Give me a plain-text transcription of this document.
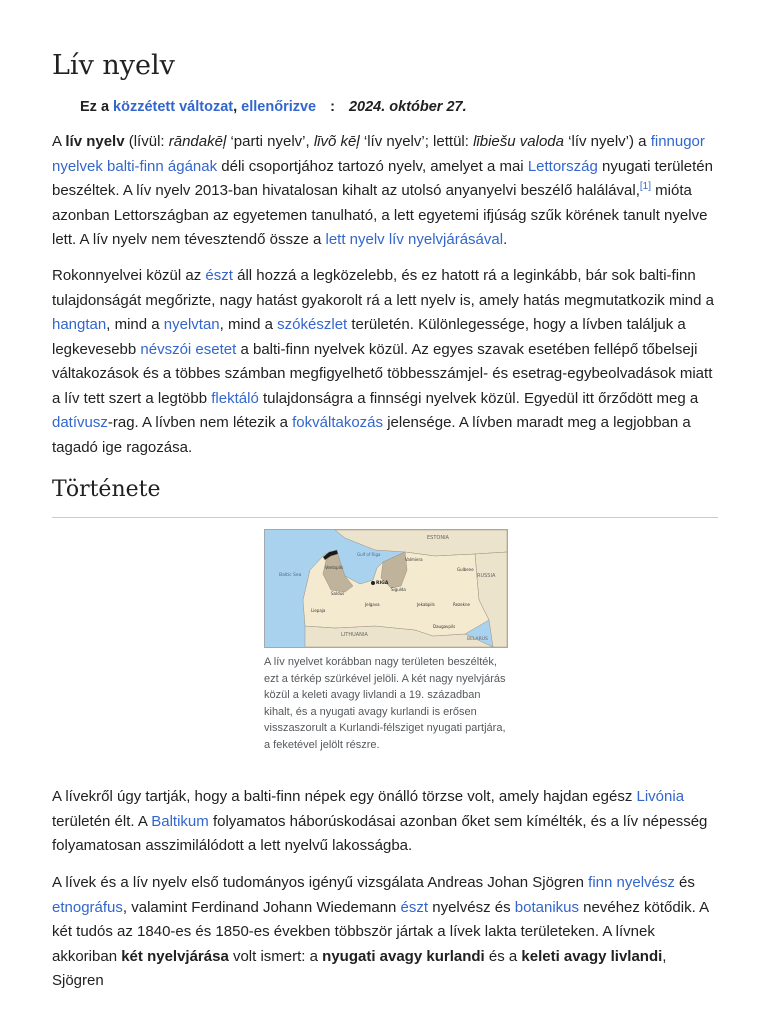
Lív nyelv
Ez a közzétett változat, ellenőrizve : 2024. október 27.

A lív nyelv (lívül: rāndakēļ ‘parti nyelv’, līvõ kēļ ‘lív nyelv’; lettül: lībiešu valoda ‘lív nyelv’) a finnugor nyelvek balti-finn ágának déli csoportjához tartozó nyelv, amelyet a mai Lettország nyugati területén beszéltek. A lív nyelv 2013-ban hivatalosan kihalt az utolsó anyanyelvi beszélő halálával,[1] mióta azonban Lettországban az egyetemen tanulható, a lett egyetemi ifjúság szűk körének tanult nyelve lett. A lív nyelv nem tévesztendő össze a lett nyelv lív nyelvjárásával.

Rokonnyelvei közül az észt áll hozzá a legközelebb, és ez hatott rá a leginkább, bár sok balti-finn tulajdonságát megőrizte, nagy hatást gyakorolt rá a lett nyelv is, amely hatás megmutatkozik mind a hangtan, mind a nyelvtan, mind a szókészlet területén. Különlegessége, hogy a lívben találjuk a legkevesebb névszói esetet a balti-finn nyelvek közül. Az egyes szavak esetében fellépő tőbelseji váltakozások és a többes számban megfigyelhető többesszámjel- és esetrag-egybeolvadások miatt a lív tett szert a legtöbb flektáló tulajdonságra a finnségi nyelvek közül. Egyedül itt őrződött meg a datívusz-rag. A lívben nem létezik a fokváltakozás jelensége. A lívben maradt meg a legjobban a tagadó ige ragozása.

Története
ESTONIA
RUSSIA
LITHUANIA
BELARUS
Baltic Sea
Gulf of Riga
RIGA
Valmiera
Ventspils
Liepaja
Jelgava	Jekabpils	Rezekne
Daugavpils
Gulbene
Saldus
Sigulda
A lív nyelvet korábban nagy területen beszélték, ezt a térkép szürkével jelöli. A két nagy nyelvjárás közül a keleti avagy livlandi a 19. században kihalt, és a nyugati avagy kurlandi is erősen visszaszorult a Kurlandi-félsziget nyugati partjára, a feketével jelölt részre.

A lívekről úgy tartják, hogy a balti-finn népek egy önálló törzse volt, amely hajdan egész Livónia területén élt. A Baltikum folyamatos háborúskodásai azonban őket sem kímélték, és a lív népesség folyamatosan asszimilálódott a lett nyelvű lakosságba.

A lívek és a lív nyelv első tudományos igényű vizsgálata Andreas Johan Sjögren finn nyelvész és etnográfus, valamint Ferdinand Johann Wiedemann észt nyelvész és botanikus nevéhez kötődik. A két tudós az 1840-es és 1850-es években többször jártak a lívek lakta területeken. A lívnek akkoriban két nyelvjárása volt ismert: a nyugati avagy kurlandi és a keleti avagy livlandi, Sjögren
